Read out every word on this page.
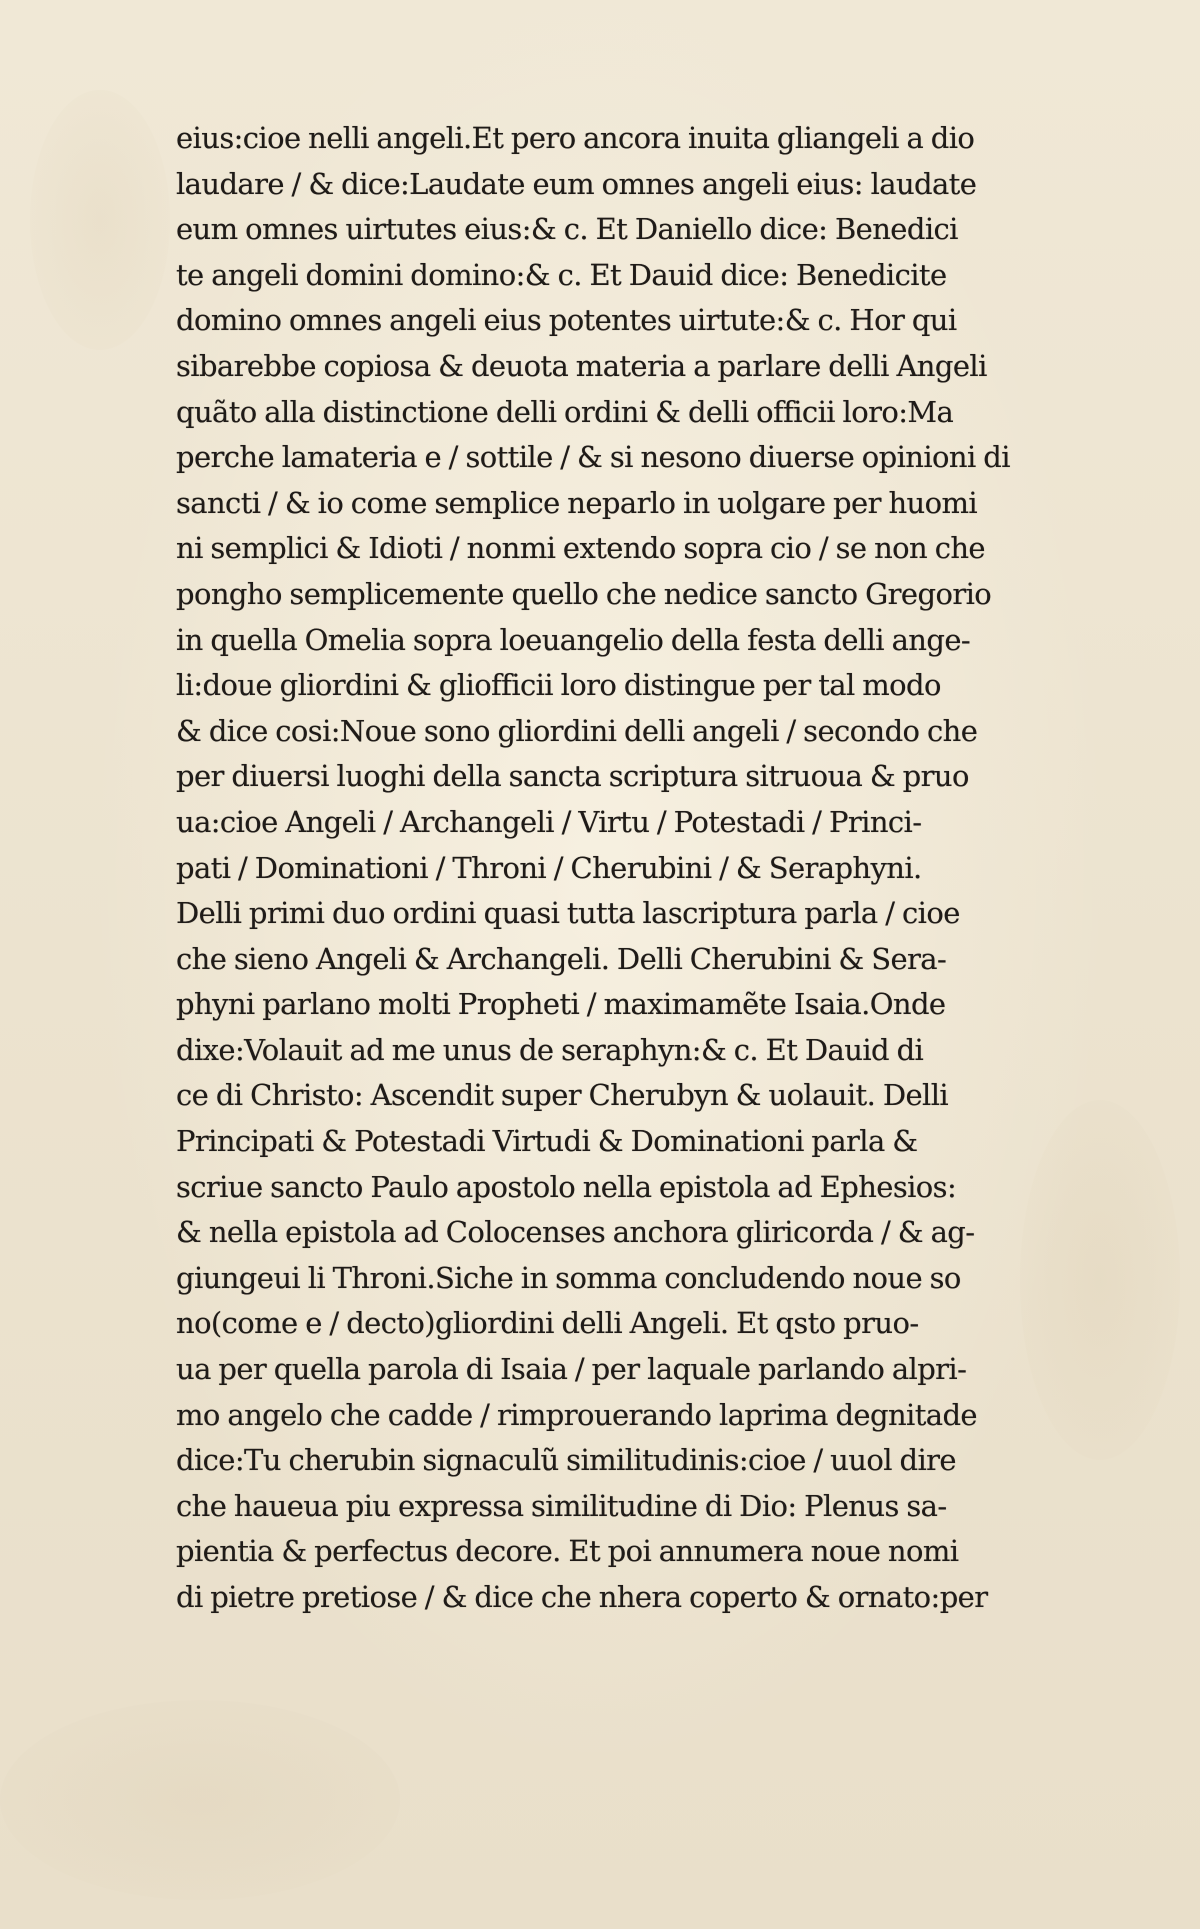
eius:cioe nelli angeli.Et pero ancora inuita gliangeli a dio
laudare / & dice:Laudate eum omnes angeli eius: laudate
eum omnes uirtutes eius:& c. Et Daniello dice: Benedici
te angeli domini domino:& c. Et Dauid dice: Benedicite
domino omnes angeli eius potentes uirtute:& c. Hor qui
sibarebbe copiosa & deuota materia a parlare delli Angeli
quãto alla distinctione delli ordini & delli officii loro:Ma
perche lamateria e / sottile / & si nesono diuerse opinioni di
sancti / & io come semplice neparlo in uolgare per huomi
ni semplici & Idioti / nonmi extendo sopra cio / se non che
pongho semplicemente quello che nedice sancto Gregorio
in quella Omelia sopra loeuangelio della festa delli ange-
li:doue gliordini & gliofficii loro distingue per tal modo
& dice cosi:Noue sono gliordini delli angeli / secondo che
per diuersi luoghi della sancta scriptura sitruoua & pruo
ua:cioe Angeli / Archangeli / Virtu / Potestadi / Princi-
pati / Dominationi / Throni / Cherubini / & Seraphyni.
Delli primi duo ordini quasi tutta lascriptura parla / cioe
che sieno Angeli & Archangeli. Delli Cherubini & Sera-
phyni parlano molti Propheti / maximamẽte Isaia.Onde
dixe:Volauit ad me unus de seraphyn:& c. Et Dauid di
ce di Christo: Ascendit super Cherubyn & uolauit. Delli
Principati & Potestadi Virtudi & Dominationi parla &
scriue sancto Paulo apostolo nella epistola ad Ephesios:
& nella epistola ad Colocenses anchora gliricorda / & ag-
giungeui li Throni.Siche in somma concludendo noue so
no(come e / decto)gliordini delli Angeli. Et qsto pruo-
ua per quella parola di Isaia / per laquale parlando alpri-
mo angelo che cadde / rimprouerando laprima degnitade
dice:Tu cherubin signaculũ similitudinis:cioe / uuol dire
che haueua piu expressa similitudine di Dio: Plenus sa-
pientia & perfectus decore. Et poi annumera noue nomi
di pietre pretiose / & dice che nhera coperto & ornato:per
